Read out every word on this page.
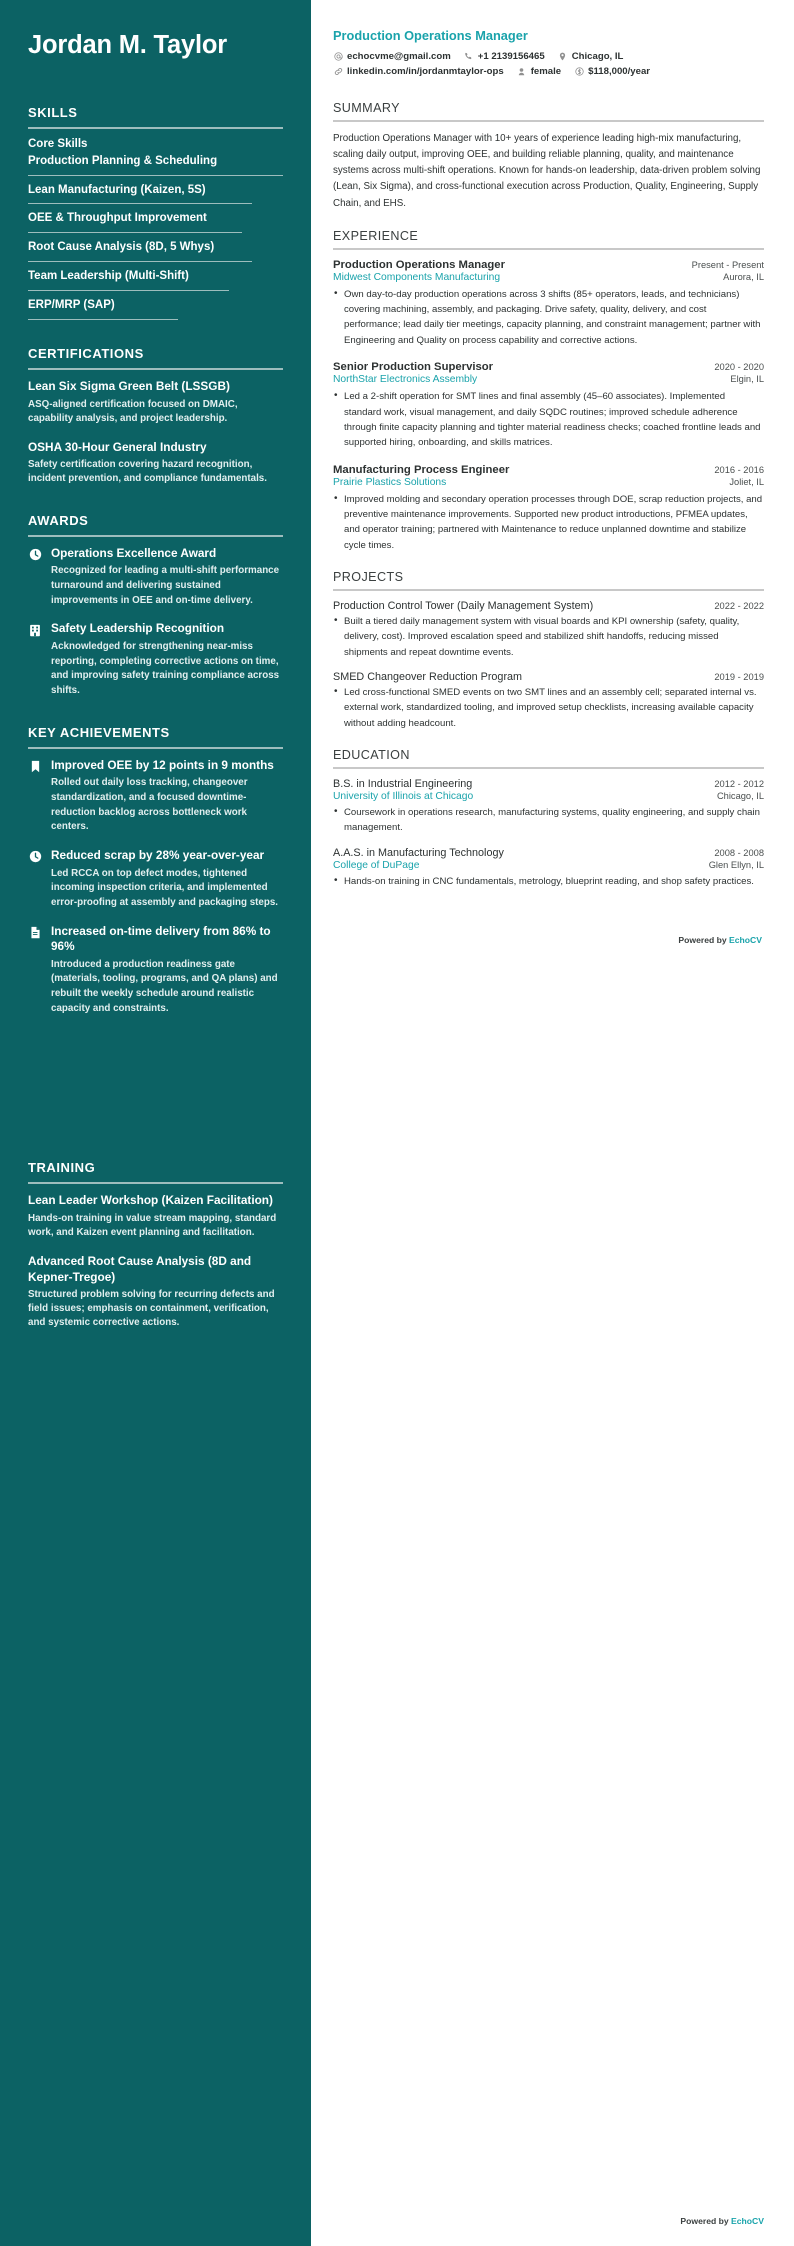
Jordan M. Taylor
SKILLS
Core Skills
Production Planning & Scheduling
Lean Manufacturing (Kaizen, 5S)
OEE & Throughput Improvement
Root Cause Analysis (8D, 5 Whys)
Team Leadership (Multi-Shift)
ERP/MRP (SAP)
CERTIFICATIONS
Lean Six Sigma Green Belt (LSSGB)
ASQ-aligned certification focused on DMAIC, capability analysis, and project leadership.
OSHA 30-Hour General Industry
Safety certification covering hazard recognition, incident prevention, and compliance fundamentals.
AWARDS
Operations Excellence Award
Recognized for leading a multi-shift performance turnaround and delivering sustained improvements in OEE and on-time delivery.
Safety Leadership Recognition
Acknowledged for strengthening near-miss reporting, completing corrective actions on time, and improving safety training compliance across shifts.
KEY ACHIEVEMENTS
Improved OEE by 12 points in 9 months
Rolled out daily loss tracking, changeover standardization, and a focused downtime-reduction backlog across bottleneck work centers.
Reduced scrap by 28% year-over-year
Led RCCA on top defect modes, tightened incoming inspection criteria, and implemented error-proofing at assembly and packaging steps.
Increased on-time delivery from 86% to 96%
Introduced a production readiness gate (materials, tooling, programs, and QA plans) and rebuilt the weekly schedule around realistic capacity and constraints.
TRAINING
Lean Leader Workshop (Kaizen Facilitation)
Hands-on training in value stream mapping, standard work, and Kaizen event planning and facilitation.
Advanced Root Cause Analysis (8D and Kepner-Tregoe)
Structured problem solving for recurring defects and field issues; emphasis on containment, verification, and systemic corrective actions.
Production Operations Manager
echocvme@gmail.com	+1 2139156465	Chicago, IL
linkedin.com/in/jordanmtaylor-ops	female	$118,000/year
SUMMARY

Production Operations Manager with 10+ years of experience leading high-mix manufacturing, scaling daily output, improving OEE, and building reliable planning, quality, and maintenance systems across multi-shift operations. Known for hands-on leadership, data-driven problem solving (Lean, Six Sigma), and cross-functional execution across Production, Quality, Engineering, Supply Chain, and EHS.

EXPERIENCE
Production Operations Manager	Present - Present
Midwest Components Manufacturing	Aurora, IL
• Own day-to-day production operations across 3 shifts (85+ operators, leads, and technicians) covering machining, assembly, and packaging. Drive safety, quality, delivery, and cost performance; lead daily tier meetings, capacity planning, and constraint management; partner with Engineering and Quality on process capability and corrective actions.
Senior Production Supervisor	2020 - 2020
NorthStar Electronics Assembly	Elgin, IL
• Led a 2-shift operation for SMT lines and final assembly (45–60 associates). Implemented standard work, visual management, and daily SQDC routines; improved schedule adherence through finite capacity planning and tighter material readiness checks; coached frontline leads and supported hiring, onboarding, and skills matrices.
Manufacturing Process Engineer	2016 - 2016
Prairie Plastics Solutions	Joliet, IL
• Improved molding and secondary operation processes through DOE, scrap reduction projects, and preventive maintenance improvements. Supported new product introductions, PFMEA updates, and operator training; partnered with Maintenance to reduce unplanned downtime and stabilize cycle times.
PROJECTS
Production Control Tower (Daily Management System)	2022 - 2022
• Built a tiered daily management system with visual boards and KPI ownership (safety, quality, delivery, cost). Improved escalation speed and stabilized shift handoffs, reducing missed shipments and repeat downtime events.
SMED Changeover Reduction Program	2019 - 2019
• Led cross-functional SMED events on two SMT lines and an assembly cell; separated internal vs. external work, standardized tooling, and improved setup checklists, increasing available capacity without adding headcount.
EDUCATION
B.S. in Industrial Engineering	2012 - 2012
University of Illinois at Chicago	Chicago, IL
• Coursework in operations research, manufacturing systems, quality engineering, and supply chain management.
A.A.S. in Manufacturing Technology	2008 - 2008
College of DuPage	Glen Ellyn, IL
• Hands-on training in CNC fundamentals, metrology, blueprint reading, and shop safety practices.
Powered by EchoCV
Powered by EchoCV
